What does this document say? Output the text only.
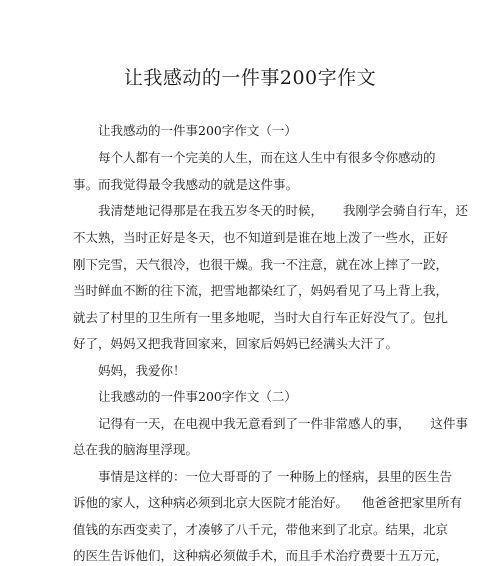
让我感动的一件事200字作文
让我感动的一件事200字作文（一）
每个人都有一个完美的人生，而在这人生中有很多令你感动的
事。而我觉得最令我感动的就是这件事。
我清楚地记得那是在我五岁冬天的时候， 我刚学会骑自行车，还
不太熟，当时正好是冬天，也不知道到是谁在地上泼了一些水，正好
刚下完雪，天气很冷，也很干燥。我一不注意，就在冰上摔了一跤，
当时鲜血不断的往下流，把雪地都染红了，妈妈看见了马上背上我，
就去了村里的卫生所有一里多地呢，当时大自行车正好没气了。包扎
好了，妈妈又把我背回家来，回家后妈妈已经满头大汗了。
妈妈，我爱你！
让我感动的一件事200字作文（二）
记得有一天，在电视中我无意看到了一件非常感人的事， 这件事
总在我的脑海里浮现。
事情是这样的：一位大哥哥的了 一种肠上的怪病，县里的医生告
诉他的家人，这种病必须到北京大医院才能治好。 他爸爸把家里所有
值钱的东西变卖了，才凑够了八千元，带他来到了北京。结果，北京
的医生告诉他们，这种病必须做手术，而且手术治疗费要十五万元，
